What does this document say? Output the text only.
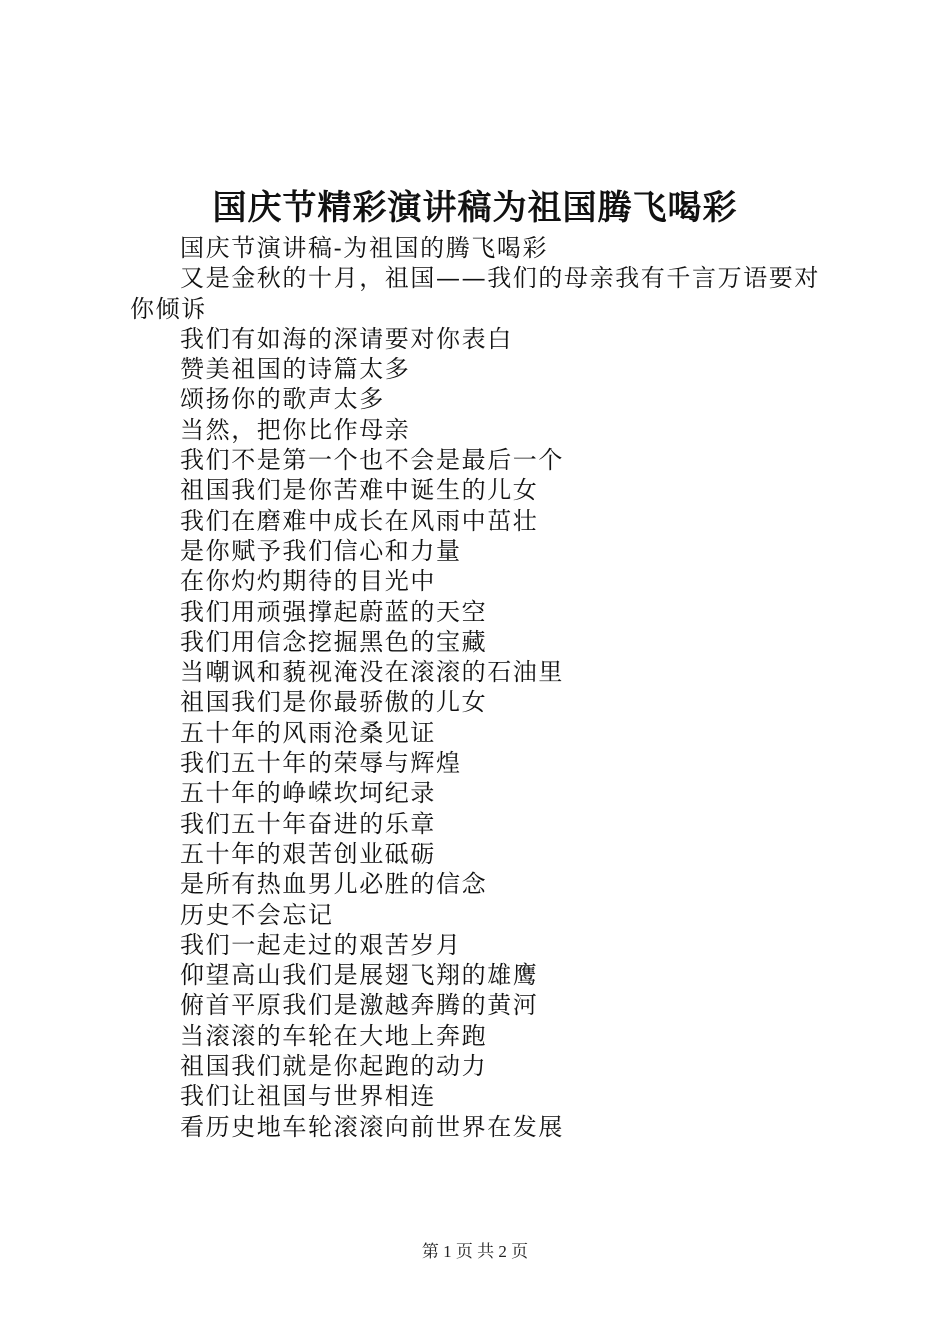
国庆节精彩演讲稿为祖国腾飞喝彩

国庆节演讲稿-为祖国的腾飞喝彩

又是金秋的十月，祖国——我们的母亲我有千言万语要对你倾诉

我们有如海的深请要对你表白

赞美祖国的诗篇太多

颂扬你的歌声太多

当然，把你比作母亲

我们不是第一个也不会是最后一个

祖国我们是你苦难中诞生的儿女

我们在磨难中成长在风雨中茁壮

是你赋予我们信心和力量

在你灼灼期待的目光中

我们用顽强撑起蔚蓝的天空

我们用信念挖掘黑色的宝藏

当嘲讽和藐视淹没在滚滚的石油里

祖国我们是你最骄傲的儿女

五十年的风雨沧桑见证

我们五十年的荣辱与辉煌

五十年的峥嵘坎坷纪录

我们五十年奋进的乐章

五十年的艰苦创业砥砺

是所有热血男儿必胜的信念

历史不会忘记

我们一起走过的艰苦岁月

仰望高山我们是展翅飞翔的雄鹰

俯首平原我们是激越奔腾的黄河

当滚滚的车轮在大地上奔跑

祖国我们就是你起跑的动力

我们让祖国与世界相连

看历史地车轮滚滚向前世界在发展

第 1 页 共 2 页
